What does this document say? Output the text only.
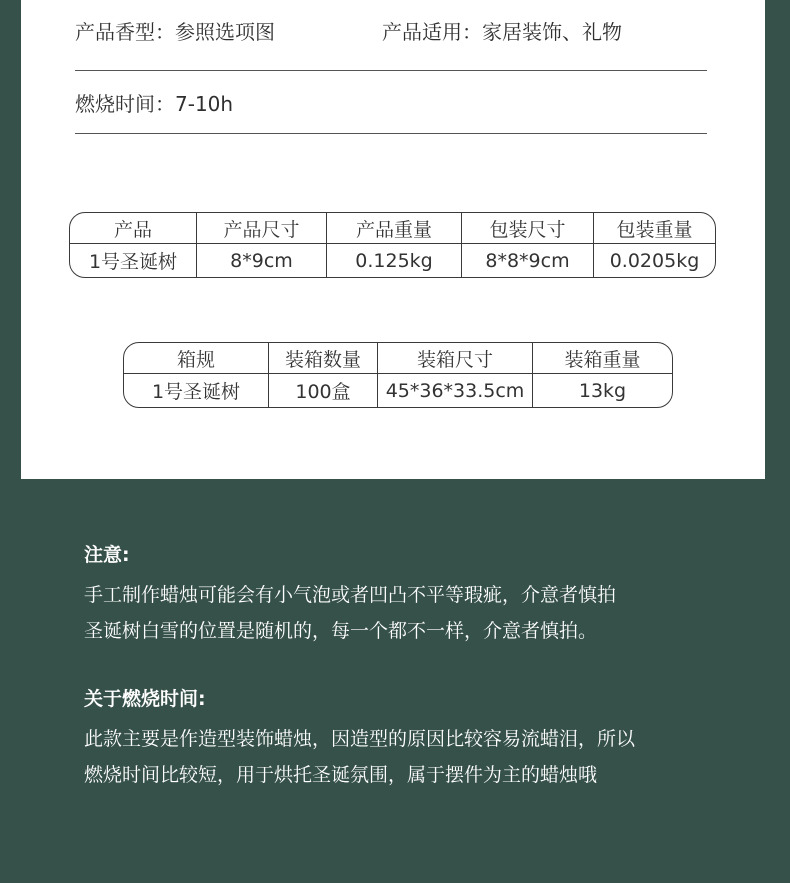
产品香型：参照选项图	产品适用：家居装饰、礼物
燃烧时间：7-10h
产品	产品尺寸	产品重量	包装尺寸	包装重量
1号圣诞树	8*9cm	0.125kg	8*8*9cm	0.0205kg
箱规	装箱数量	装箱尺寸	装箱重量
1号圣诞树	100盒	45*36*33.5cm	13kg
注意:
手工制作蜡烛可能会有小气泡或者凹凸不平等瑕疵，介意者慎拍
圣诞树白雪的位置是随机的，每一个都不一样，介意者慎拍。
关于燃烧时间:
此款主要是作造型装饰蜡烛，因造型的原因比较容易流蜡泪，所以
燃烧时间比较短，用于烘托圣诞氛围，属于摆件为主的蜡烛哦
